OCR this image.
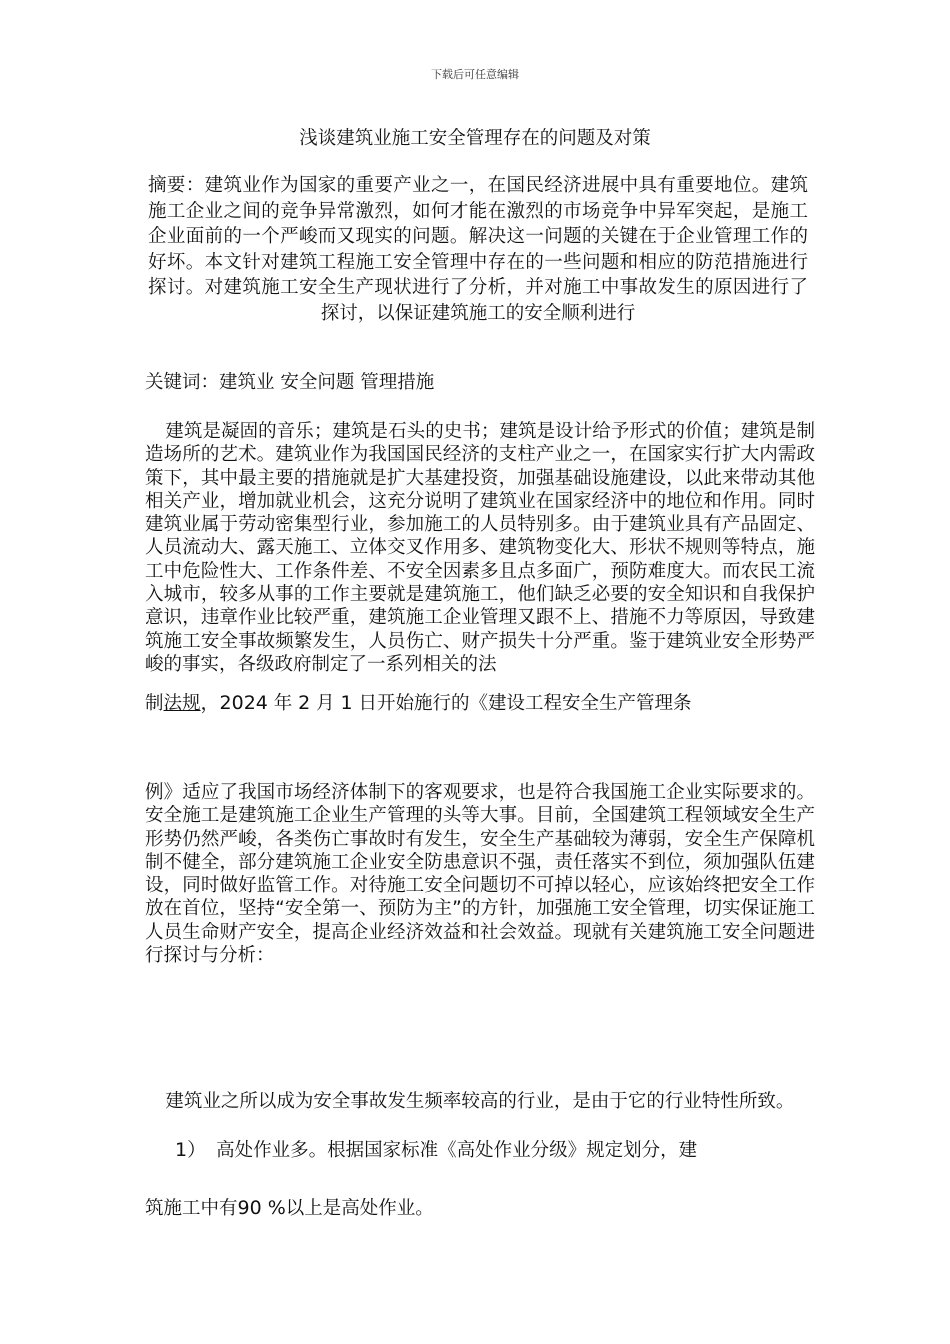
下载后可任意编辑
浅谈建筑业施工安全管理存在的问题及对策
摘要：建筑业作为国家的重要产业之一，在国民经济进展中具有重要地位。建筑施工企业之间的竞争异常激烈，如何才能在激烈的市场竞争中异军突起，是施工企业面前的一个严峻而又现实的问题。解决这一问题的关键在于企业管理工作的好坏。本文针对建筑工程施工安全管理中存在的一些问题和相应的防范措施进行探讨。对建筑施工安全生产现状进行了分析，并对施工中事故发生的原因进行了探讨，以保证建筑施工的安全顺利进行
关键词：建筑业 安全问题 管理措施
建筑是凝固的音乐；建筑是石头的史书；建筑是设计给予形式的价值；建筑是制造场所的艺术。建筑业作为我国国民经济的支柱产业之一，在国家实行扩大内需政策下，其中最主要的措施就是扩大基建投资，加强基础设施建设，以此来带动其他相关产业，增加就业机会，这充分说明了建筑业在国家经济中的地位和作用。同时建筑业属于劳动密集型行业，参加施工的人员特别多。由于建筑业具有产品固定、人员流动大、露天施工、立体交叉作用多、建筑物变化大、形状不规则等特点，施工中危险性大、工作条件差、不安全因素多且点多面广，预防难度大。而农民工流入城市，较多从事的工作主要就是建筑施工，他们缺乏必要的安全知识和自我保护意识，违章作业比较严重，建筑施工企业管理又跟不上、措施不力等原因，导致建筑施工安全事故频繁发生，人员伤亡、财产损失十分严重。鉴于建筑业安全形势严峻的事实，各级政府制定了一系列相关的法
制法规，2024 年 2 月 1 日开始施行的《建设工程安全生产管理条
例》适应了我国市场经济体制下的客观要求，也是符合我国施工企业实际要求的。安全施工是建筑施工企业生产管理的头等大事。目前，全国建筑工程领域安全生产形势仍然严峻，各类伤亡事故时有发生，安全生产基础较为薄弱，安全生产保障机制不健全，部分建筑施工企业安全防患意识不强，责任落实不到位，须加强队伍建设，同时做好监管工作。对待施工安全问题切不可掉以轻心，应该始终把安全工作放在首位，坚持“安全第一、预防为主”的方针，加强施工安全管理，切实保证施工人员生命财产安全，提高企业经济效益和社会效益。现就有关建筑施工安全问题进行探讨与分析：
建筑业之所以成为安全事故发生频率较高的行业，是由于它的行业特性所致。
1） 高处作业多。根据国家标准《高处作业分级》规定划分，建
筑施工中有90 %以上是高处作业。
